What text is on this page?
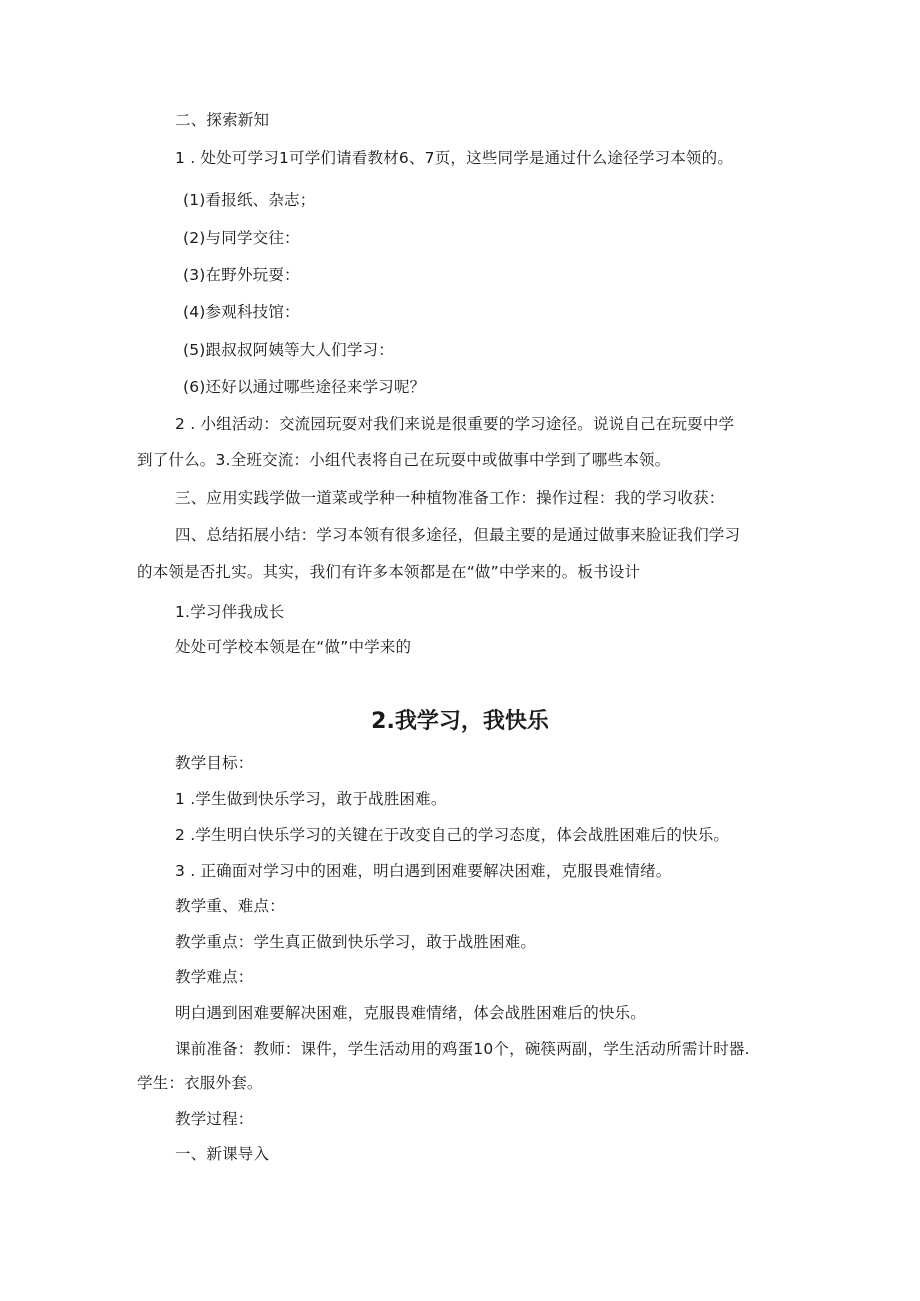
二、探索新知
1 . 处处可学习1可学们请看教材6、7页，这些同学是通过什么途径学习本领的。
(1)看报纸、杂志；
(2)与同学交往：
(3)在野外玩耍：
(4)参观科技馆：
(5)跟叔叔阿姨等大人们学习：
(6)还好以通过哪些途径来学习呢？
2 . 小组活动：交流园玩耍对我们来说是很重要的学习途径。说说自己在玩耍中学
到了什么。3.全班交流：小组代表将自己在玩耍中或做事中学到了哪些本领。
三、应用实践学做一道菜或学种一种植物准备工作：操作过程：我的学习收获：
四、总结拓展小结：学习本领有很多途径，但最主要的是通过做事来脸证我们学习
的本领是否扎实。其实，我们有许多本领都是在“做”中学来的。板书设计
1.学习伴我成长
处处可学校本领是在“做”中学来的
2.我学习，我快乐
教学目标：
1 .学生做到快乐学习，敢于战胜困难。
2 .学生明白快乐学习的关键在于改变自己的学习态度，体会战胜困难后的快乐。
3 . 正确面对学习中的困难，明白遇到困难要解决困难，克服畏难情绪。
教学重、难点：
教学重点：学生真正做到快乐学习，敢于战胜困难。
教学难点：
明白遇到困难要解决困难，克服畏难情绪，体会战胜困难后的快乐。
课前准备：教师：课件，学生活动用的鸡蛋10个，碗筷两副，学生活动所需计时器.
学生：衣服外套。
教学过程：
一、新课导入
